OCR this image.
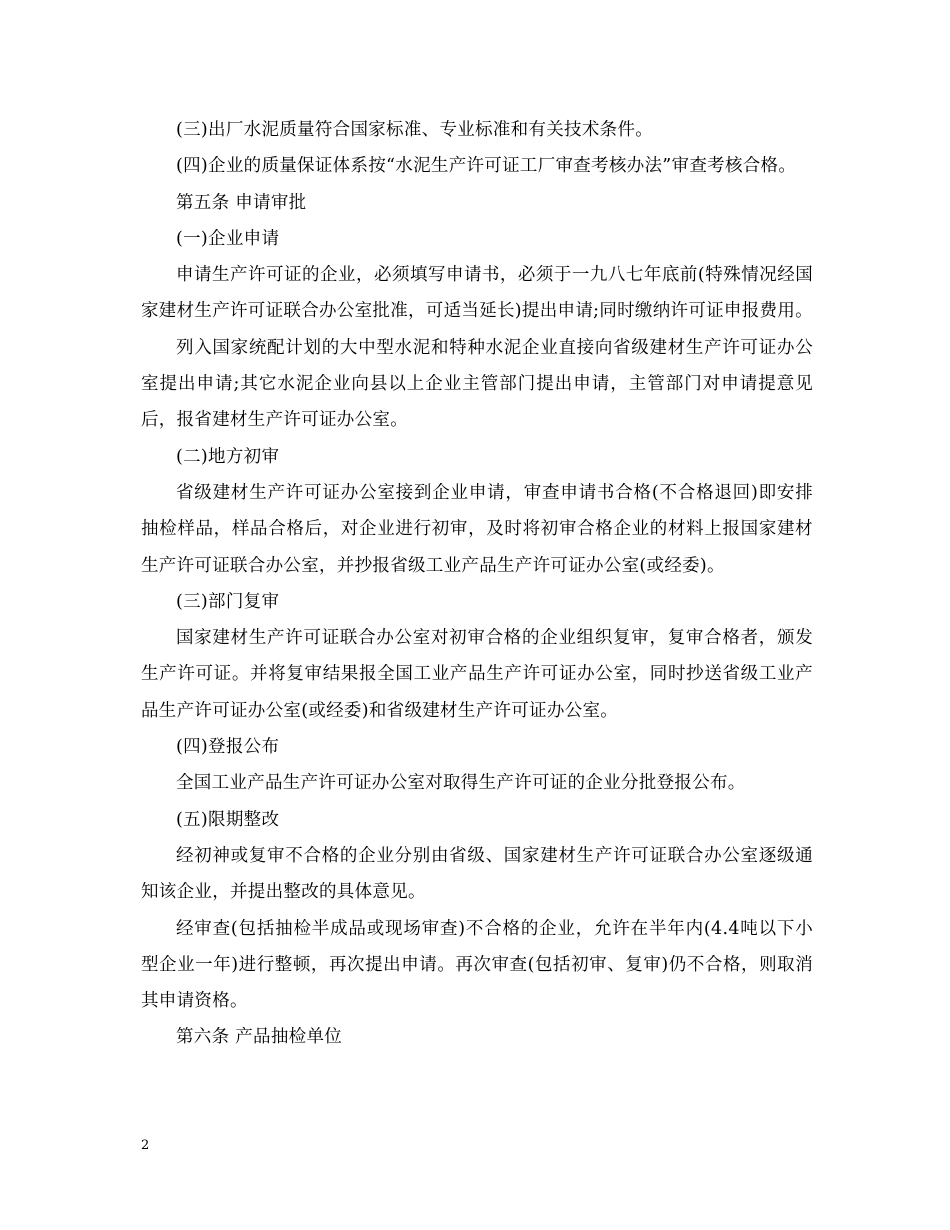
(三)出厂水泥质量符合国家标准、专业标准和有关技术条件。

(四)企业的质量保证体系按“水泥生产许可证工厂审查考核办法”审查考核合格。

第五条 申请审批

(一)企业申请

申请生产许可证的企业，必须填写申请书，必须于一九八七年底前(特殊情况经国家建材生产许可证联合办公室批准，可适当延长)提出申请;同时缴纳许可证申报费用。

列入国家统配计划的大中型水泥和特种水泥企业直接向省级建材生产许可证办公室提出申请;其它水泥企业向县以上企业主管部门提出申请，主管部门对申请提意见后，报省建材生产许可证办公室。

(二)地方初审

省级建材生产许可证办公室接到企业申请，审查申请书合格(不合格退回)即安排抽检样品，样品合格后，对企业进行初审，及时将初审合格企业的材料上报国家建材生产许可证联合办公室，并抄报省级工业产品生产许可证办公室(或经委)。

(三)部门复审

国家建材生产许可证联合办公室对初审合格的企业组织复审，复审合格者，颁发生产许可证。并将复审结果报全国工业产品生产许可证办公室，同时抄送省级工业产品生产许可证办公室(或经委)和省级建材生产许可证办公室。

(四)登报公布

全国工业产品生产许可证办公室对取得生产许可证的企业分批登报公布。

(五)限期整改

经初神或复审不合格的企业分别由省级、国家建材生产许可证联合办公室逐级通知该企业，并提出整改的具体意见。

经审查(包括抽检半成品或现场审查)不合格的企业，允许在半年内(4.4吨以下小型企业一年)进行整顿，再次提出申请。再次审查(包括初审、复审)仍不合格，则取消其申请资格。

第六条 产品抽检单位

2
